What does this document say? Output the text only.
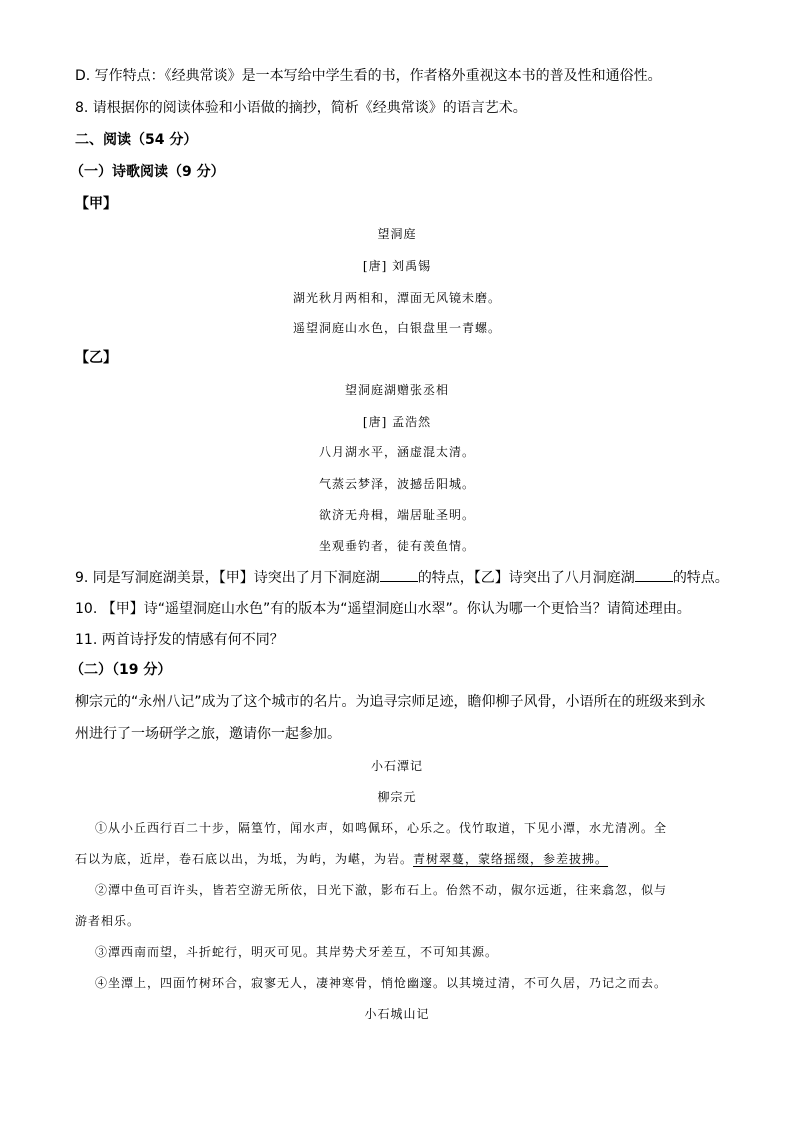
D. 写作特点：《经典常谈》是一本写给中学生看的书，作者格外重视这本书的普及性和通俗性。
8. 请根据你的阅读体验和小语做的摘抄，简析《经典常谈》的语言艺术。
二、阅读（54 分）
（一）诗歌阅读（9 分）
【甲】
望洞庭
[唐] 刘禹锡
湖光秋月两相和，潭面无风镜未磨。
遥望洞庭山水色，白银盘里一青螺。
【乙】
望洞庭湖赠张丞相
[唐] 孟浩然
八月湖水平，涵虚混太清。
气蒸云梦泽，波撼岳阳城。
欲济无舟楫，端居耻圣明。
坐观垂钓者，徒有羡鱼情。
9. 同是写洞庭湖美景，【甲】诗突出了月下洞庭湖	的特点，【乙】诗突出了八月洞庭湖	的特点。
10. 【甲】诗“遥望洞庭山水色”有的版本为“遥望洞庭山水翠”。你认为哪一个更恰当？请简述理由。
11. 两首诗抒发的情感有何不同？
（二）（19 分）
柳宗元的“永州八记”成为了这个城市的名片。为追寻宗师足迹，瞻仰柳子风骨，小语所在的班级来到永
州进行了一场研学之旅，邀请你一起参加。
小石潭记
柳宗元
①从小丘西行百二十步，隔篁竹，闻水声，如鸣佩环，心乐之。伐竹取道，下见小潭，水尤清冽。全
石以为底，近岸，卷石底以出，为坻，为屿，为嵁，为岩。青树翠蔓，蒙络摇缀，参差披拂。
②潭中鱼可百许头，皆若空游无所依，日光下澈，影布石上。佁然不动，俶尔远逝，往来翕忽，似与
游者相乐。
③潭西南而望，斗折蛇行，明灭可见。其岸势犬牙差互，不可知其源。
④坐潭上，四面竹树环合，寂寥无人，凄神寒骨，悄怆幽邃。以其境过清，不可久居，乃记之而去。
小石城山记
